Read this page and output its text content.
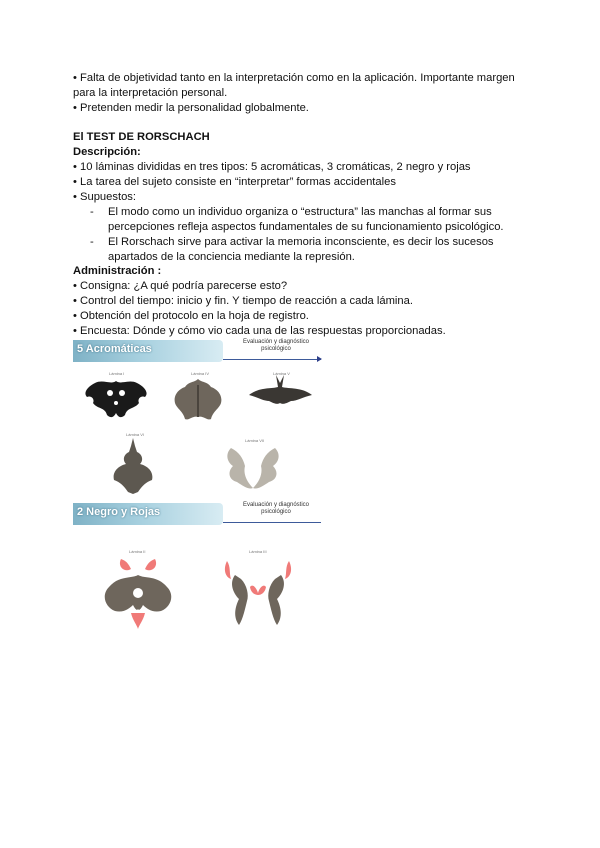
• Falta de objetividad tanto en la interpretación como en la aplicación. Importante margen
para la interpretación personal.
• Pretenden medir la personalidad globalmente.
El TEST DE RORSCHACH
Descripción:
• 10 láminas divididas en tres tipos: 5 acromáticas, 3 cromáticas, 2 negro y rojas
• La tarea del sujeto consiste en “interpretar” formas accidentales
• Supuestos:
- El modo como un individuo organiza o “estructura” las manchas al formar sus
percepciones refleja aspectos fundamentales de su funcionamiento psicológico.
- El Rorschach sirve para activar la memoria inconsciente, es decir los sucesos
apartados de la conciencia mediante la represión.
Administración :
• Consigna: ¿A qué podría parecerse esto?
• Control del tiempo: inicio y fin. Y tiempo de reacción a cada lámina.
• Obtención del protocolo en la hoja de registro.
• Encuesta: Dónde y cómo vio cada una de las respuestas proporcionadas.
5 Acromáticas
Evaluación y diagnóstico psicológico
Lámina I	Lámina IV	Lámina V
Lámina VI
Lámina VII
2 Negro y Rojas
Evaluación y diagnóstico psicológico
Lámina II	Lámina III
